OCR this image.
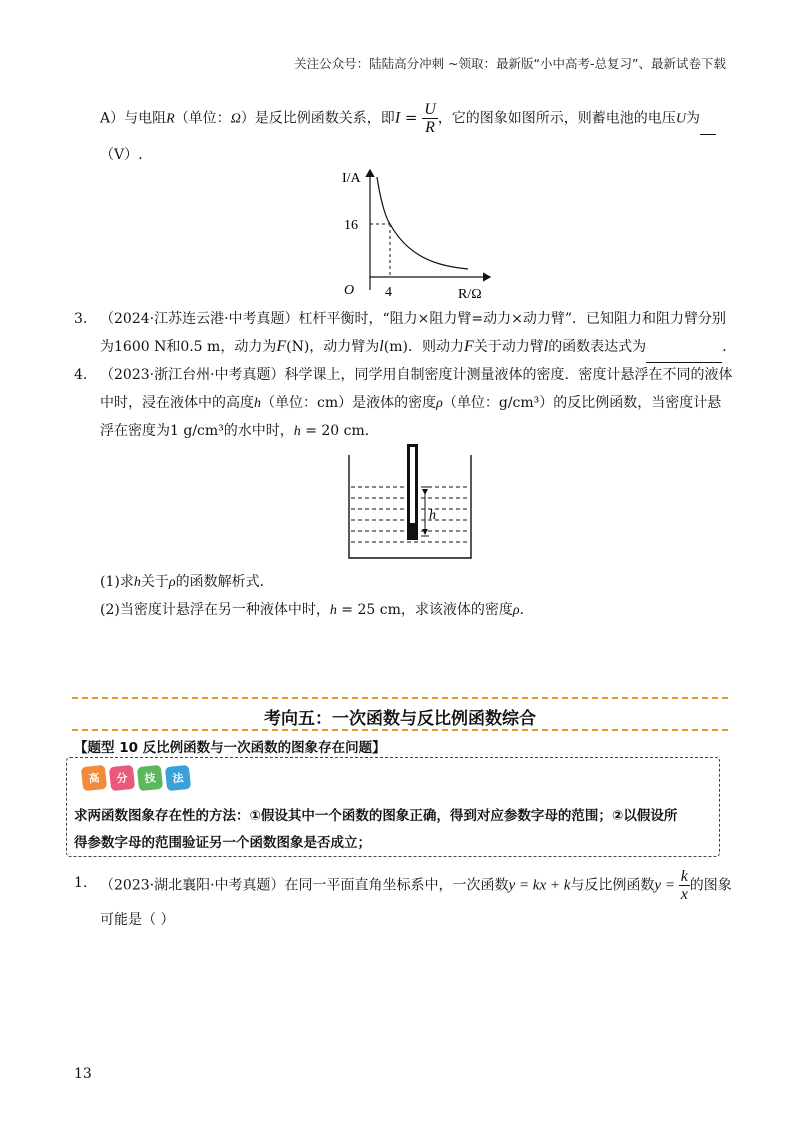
关注公众号：陆陆高分冲刺 ~领取：最新版“小中高考-总复习”、最新试卷下载
A）与电阻R（单位：Ω）是反比例函数关系，即$I = \frac{U}{R}$ ，它的图象如图所示，则蓄电池的电压U为
（V）.
I/A
R/Ω
O
16
4
3. （2024·江苏连云港·中考真题）杠杆平衡时，“阻力×阻力臂=动力×动力臂”．已知阻力和阻力臂分别
为1600 N和0.5 m，动力为F(N)，动力臂为l(m)．则动力F关于动力臂l的函数表达式为	．
4. （2023·浙江台州·中考真题）科学课上，同学用自制密度计测量液体的密度．密度计悬浮在不同的液体
中时，浸在液体中的高度h（单位：cm）是液体的密度ρ（单位：g/cm³）的反比例函数，当密度计悬
浮在密度为1 g/cm³的水中时，h = 20 cm．
h
(1)求h关于ρ的函数解析式．
(2)当密度计悬浮在另一种液体中时，h = 25 cm，求该液体的密度ρ．
考向五：一次函数与反比例函数综合
【题型 10 反比例函数与一次函数的图象存在问题】
高	分	技	法
求两函数图象存在性的方法：①假设其中一个函数的图象正确，得到对应参数字母的范围；②以假设所
得参数字母的范围验证另一个函数图象是否成立；
1. （2023·湖北襄阳·中考真题）在同一平面直角坐标系中，一次函数y = kx + k与反比例函数$y = \frac{k}{x}$ 的图象
可能是（ ）
13
